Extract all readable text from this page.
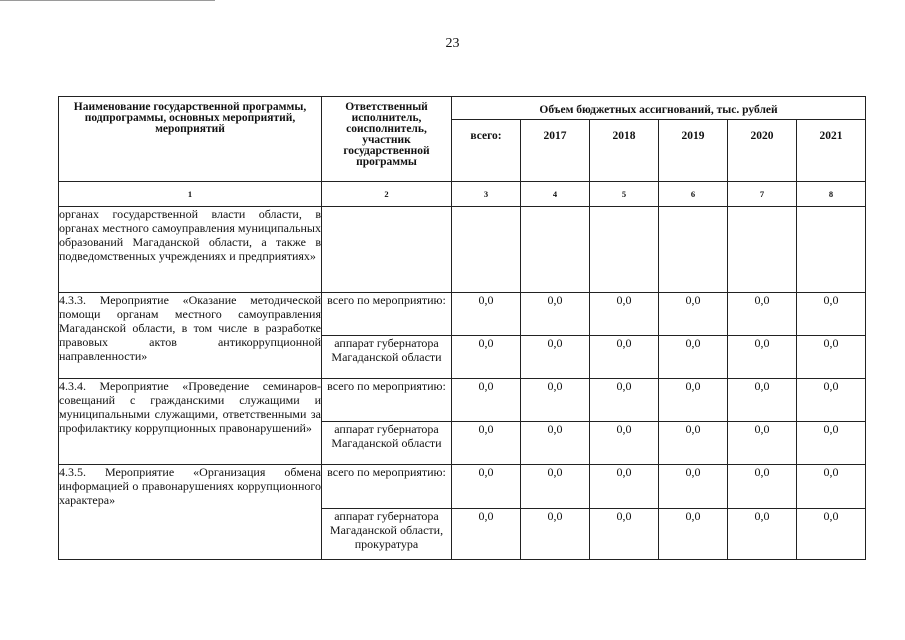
23
Наименование государственной программы, подпрограммы, основных мероприятий, мероприятий	Ответственный исполнитель, соисполнитель, участник государственной программы	Объем бюджетных ассигнований, тыс. рублей					
		всего:	2017	2018	2019	2020	2021
1	2	3	4	5	6	7	8
органах государственной власти области, в органах местного самоуправления муниципальных образований Магаданской области, а также в подведомственных учреждениях и предприятиях»							
4.3.3. Мероприятие «Оказание методической помощи органам местного самоуправления Магаданской области, в том числе в разработке правовых актов антикоррупционной направленности»	всего по мероприятию:	0,0	0,0	0,0	0,0	0,0	0,0
	аппарат губернатора Магаданской области	0,0	0,0	0,0	0,0	0,0	0,0
4.3.4. Мероприятие «Проведение семинаров-совещаний с гражданскими служащими и муниципальными служащими, ответственными за профилактику коррупционных правонарушений»	всего по мероприятию:	0,0	0,0	0,0	0,0	0,0	0,0
	аппарат губернатора Магаданской области	0,0	0,0	0,0	0,0	0,0	0,0
4.3.5. Мероприятие «Организация обмена информацией о правонарушениях коррупционного характера»	всего по мероприятию:	0,0	0,0	0,0	0,0	0,0	0,0
	аппарат губернатора Магаданской области, прокуратура	0,0	0,0	0,0	0,0	0,0	0,0
